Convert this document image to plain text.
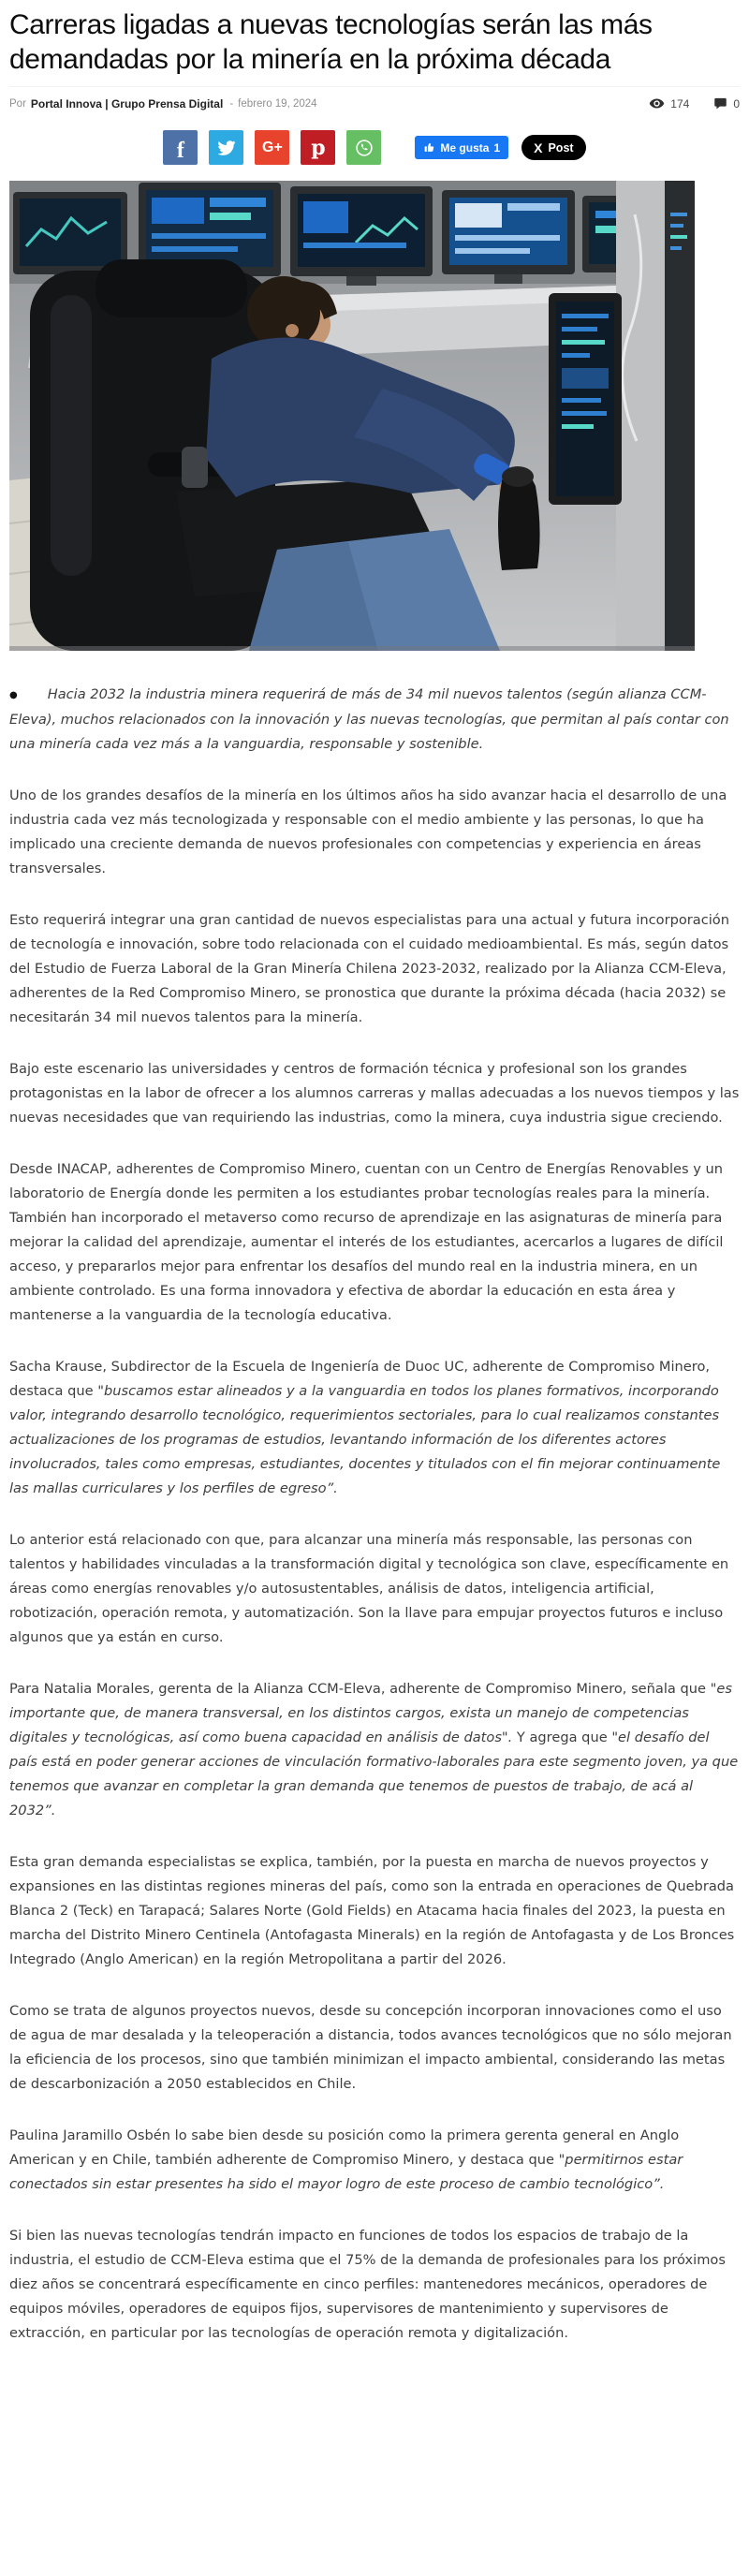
Carreras ligadas a nuevas tecnologías serán las más demandadas por la minería en la próxima década
Por Portal Innova | Grupo Prensa Digital - febrero 19, 2024	174	0
f	G+ p	Me gusta 1	X Post

● Hacia 2032 la industria minera requerirá de más de 34 mil nuevos talentos (según alianza CCM-Eleva), muchos relacionados con la innovación y las nuevas tecnologías, que permitan al país contar con una minería cada vez más a la vanguardia, responsable y sostenible.

Uno de los grandes desafíos de la minería en los últimos años ha sido avanzar hacia el desarrollo de una industria cada vez más tecnologizada y responsable con el medio ambiente y las personas, lo que ha implicado una creciente demanda de nuevos profesionales con competencias y experiencia en áreas transversales.

Esto requerirá integrar una gran cantidad de nuevos especialistas para una actual y futura incorporación de tecnología e innovación, sobre todo relacionada con el cuidado medioambiental. Es más, según datos del Estudio de Fuerza Laboral de la Gran Minería Chilena 2023-2032, realizado por la Alianza CCM-Eleva, adherentes de la Red Compromiso Minero, se pronostica que durante la próxima década (hacia 2032) se necesitarán 34 mil nuevos talentos para la minería.

Bajo este escenario las universidades y centros de formación técnica y profesional son los grandes protagonistas en la labor de ofrecer a los alumnos carreras y mallas adecuadas a los nuevos tiempos y las nuevas necesidades que van requiriendo las industrias, como la minera, cuya industria sigue creciendo.

Desde INACAP, adherentes de Compromiso Minero, cuentan con un Centro de Energías Renovables y un laboratorio de Energía donde les permiten a los estudiantes probar tecnologías reales para la minería. También han incorporado el metaverso como recurso de aprendizaje en las asignaturas de minería para mejorar la calidad del aprendizaje, aumentar el interés de los estudiantes, acercarlos a lugares de difícil acceso, y prepararlos mejor para enfrentar los desafíos del mundo real en la industria minera, en un ambiente controlado. Es una forma innovadora y efectiva de abordar la educación en esta área y mantenerse a la vanguardia de la tecnología educativa.

Sacha Krause, Subdirector de la Escuela de Ingeniería de Duoc UC, adherente de Compromiso Minero, destaca que "buscamos estar alineados y a la vanguardia en todos los planes formativos, incorporando valor, integrando desarrollo tecnológico, requerimientos sectoriales, para lo cual realizamos constantes actualizaciones de los programas de estudios, levantando información de los diferentes actores involucrados, tales como empresas, estudiantes, docentes y titulados con el fin mejorar continuamente las mallas curriculares y los perfiles de egreso”.

Lo anterior está relacionado con que, para alcanzar una minería más responsable, las personas con talentos y habilidades vinculadas a la transformación digital y tecnológica son clave, específicamente en áreas como energías renovables y/o autosustentables, análisis de datos, inteligencia artificial, robotización, operación remota, y automatización. Son la llave para empujar proyectos futuros e incluso algunos que ya están en curso.

Para Natalia Morales, gerenta de la Alianza CCM-Eleva, adherente de Compromiso Minero, señala que "es importante que, de manera transversal, en los distintos cargos, exista un manejo de competencias digitales y tecnológicas, así como buena capacidad en análisis de datos". Y agrega que "el desafío del país está en poder generar acciones de vinculación formativo-laborales para este segmento joven, ya que tenemos que avanzar en completar la gran demanda que tenemos de puestos de trabajo, de acá al 2032”.

Esta gran demanda especialistas se explica, también, por la puesta en marcha de nuevos proyectos y expansiones en las distintas regiones mineras del país, como son la entrada en operaciones de Quebrada Blanca 2 (Teck) en Tarapacá; Salares Norte (Gold Fields) en Atacama hacia finales del 2023, la puesta en marcha del Distrito Minero Centinela (Antofagasta Minerals) en la región de Antofagasta y de Los Bronces Integrado (Anglo American) en la región Metropolitana a partir del 2026.

Como se trata de algunos proyectos nuevos, desde su concepción incorporan innovaciones como el uso de agua de mar desalada y la teleoperación a distancia, todos avances tecnológicos que no sólo mejoran la eficiencia de los procesos, sino que también minimizan el impacto ambiental, considerando las metas de descarbonización a 2050 establecidos en Chile.

Paulina Jaramillo Osbén lo sabe bien desde su posición como la primera gerenta general en Anglo American y en Chile, también adherente de Compromiso Minero, y destaca que "permitirnos estar conectados sin estar presentes ha sido el mayor logro de este proceso de cambio tecnológico”.

Si bien las nuevas tecnologías tendrán impacto en funciones de todos los espacios de trabajo de la industria, el estudio de CCM-Eleva estima que el 75% de la demanda de profesionales para los próximos diez años se concentrará específicamente en cinco perfiles: mantenedores mecánicos, operadores de equipos móviles, operadores de equipos fijos, supervisores de mantenimiento y supervisores de extracción, en particular por las tecnologías de operación remota y digitalización.
